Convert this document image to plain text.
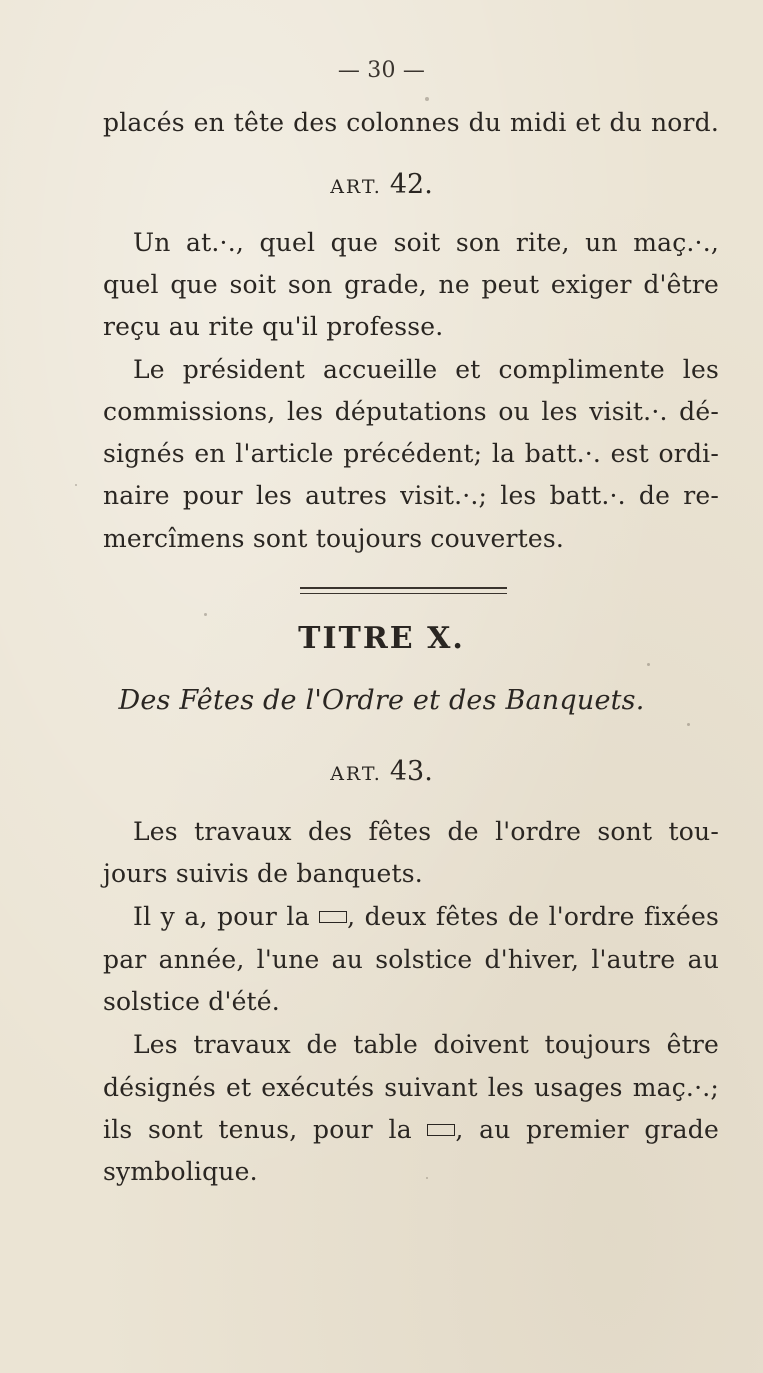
— 30 —
placés en tête des colonnes du midi et du nord.
ART. 42.
Un at.·., quel que soit son rite, un maç.·.,
quel que soit son grade, ne peut exiger d'être
reçu au rite qu'il professe.
Le président accueille et complimente les
commissions, les députations ou les visit.·. dé-
signés en l'article précédent; la batt.·. est ordi-
naire pour les autres visit.·.; les batt.·. de re-
mercîmens sont toujours couvertes.
TITRE X.
Des Fêtes de l'Ordre et des Banquets.
ART. 43.
Les travaux des fêtes de l'ordre sont tou-
jours suivis de banquets.
Il y a, pour la , deux fêtes de l'ordre fixées
par année, l'une au solstice d'hiver, l'autre au
solstice d'été.
Les travaux de table doivent toujours être
désignés et exécutés suivant les usages maç.·.;
ils sont tenus, pour la , au premier grade
symbolique.
